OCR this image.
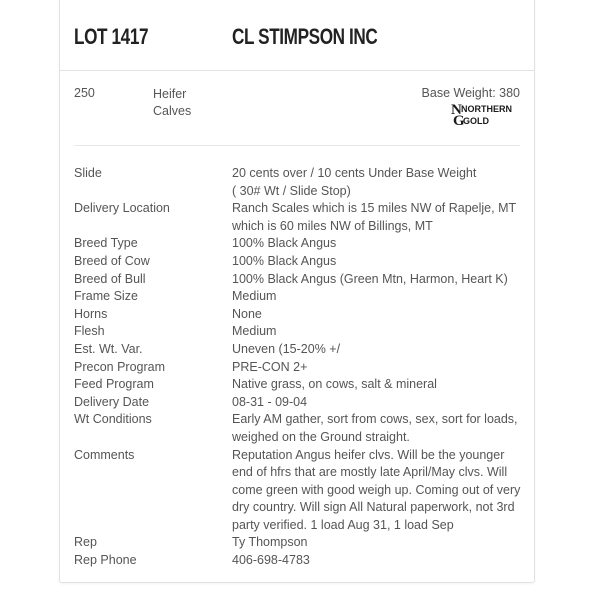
LOT 1417	CL STIMPSON INC
250	Heifer
Calves
Base Weight: 380
N NORTHERN
G
GOLD
Slide	20 cents over / 10 cents Under Base Weight
( 30# Wt / Slide Stop)
Delivery Location	Ranch Scales which is 15 miles NW of Rapelje, MT
which is 60 miles NW of Billings, MT
Breed Type	100% Black Angus
Breed of Cow	100% Black Angus
Breed of Bull	100% Black Angus (Green Mtn, Harmon, Heart K)
Frame Size	Medium
Horns	None
Flesh	Medium
Est. Wt. Var.	Uneven (15-20% +/
Precon Program	PRE-CON 2+
Feed Program	Native grass, on cows, salt & mineral
Delivery Date	08-31 - 09-04
Wt Conditions	Early AM gather, sort from cows, sex, sort for loads,
weighed on the Ground straight.
Comments	Reputation Angus heifer clvs. Will be the younger
end of hfrs that are mostly late April/May clvs. Will
come green with good weigh up. Coming out of very
dry country. Will sign All Natural paperwork, not 3rd
party verified. 1 load Aug 31, 1 load Sep
Rep	Ty Thompson
Rep Phone	406-698-4783
